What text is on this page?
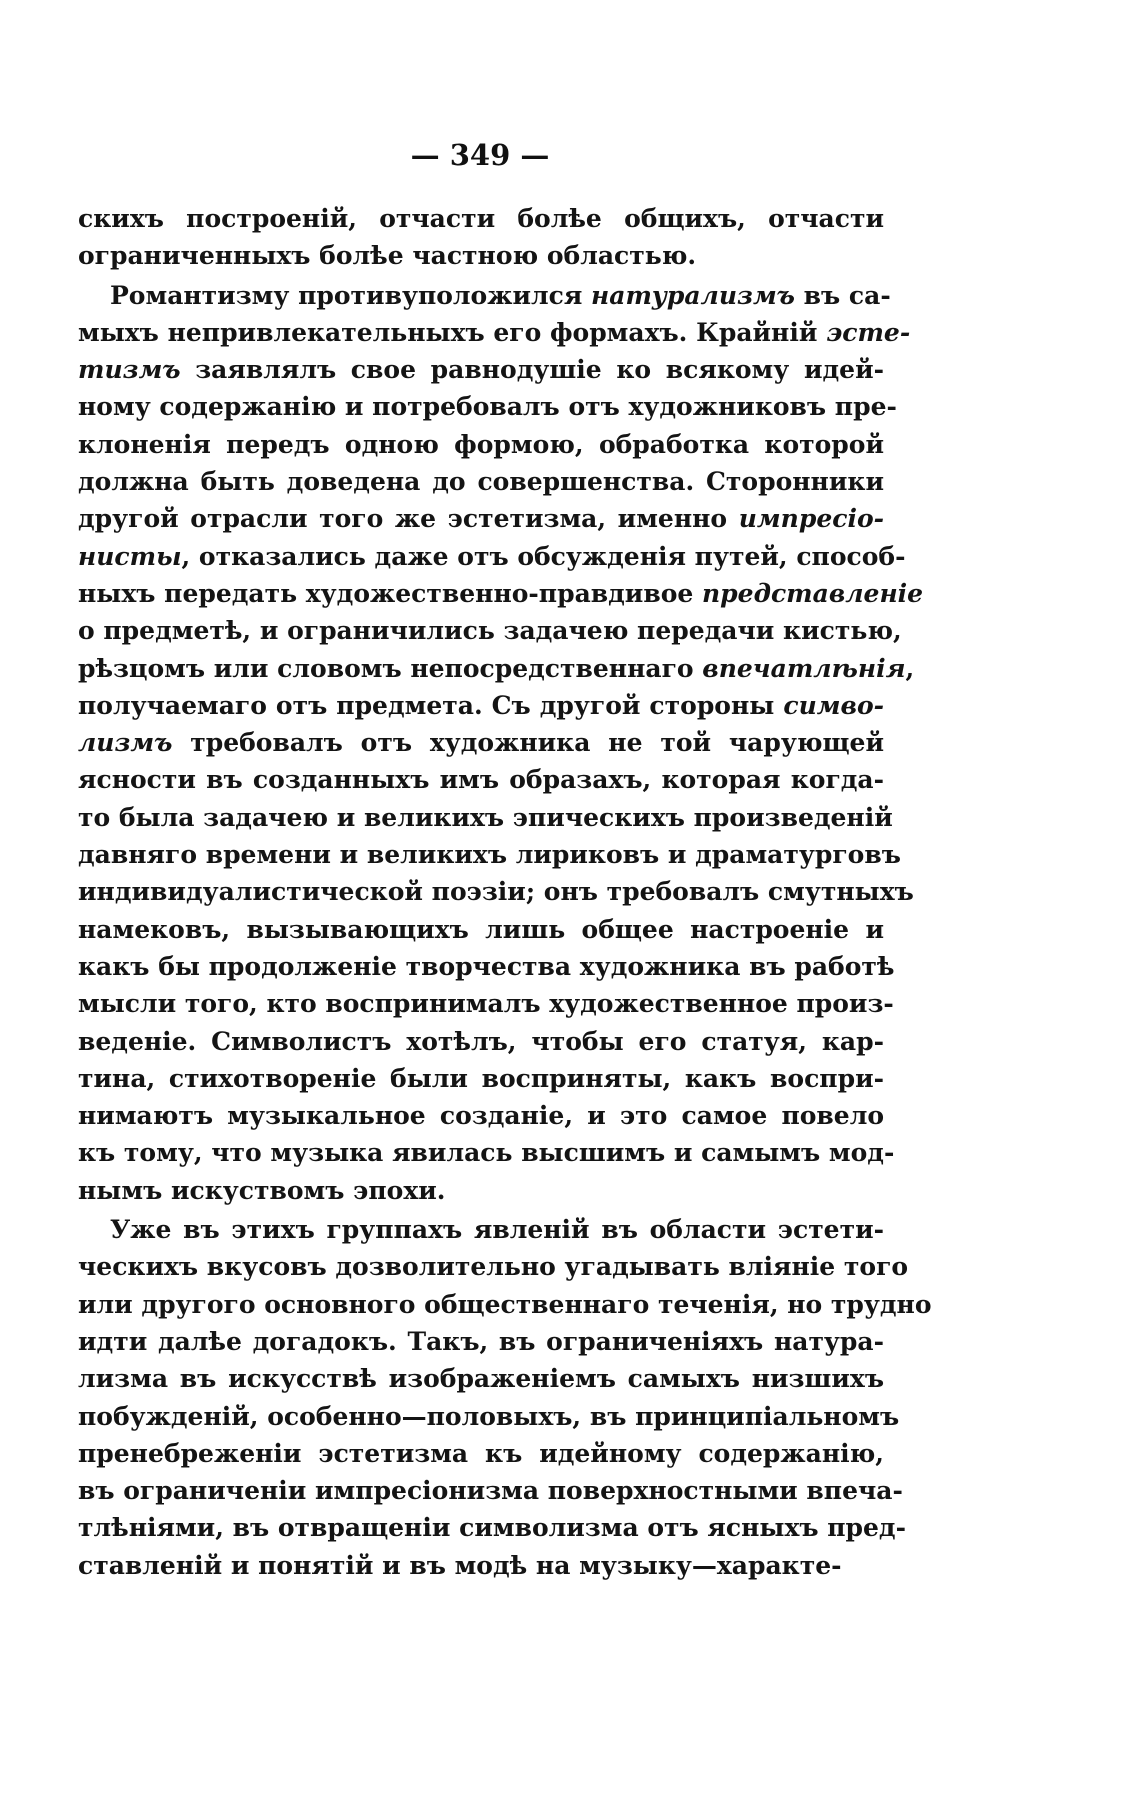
— 349 —
скихъ построеній, отчасти болѣе общихъ, отчасти
ограниченныхъ болѣе частною областью.
Романтизму противуположился натурализмъ въ са-
мыхъ непривлекательныхъ его формахъ. Крайній эсте-
тизмъ заявлялъ свое равнодушіе ко всякому идей-
ному содержанію и потребовалъ отъ художниковъ пре-
клоненія передъ одною формою, обработка которой
должна быть доведена до совершенства. Сторонники
другой отрасли того же эстетизма, именно импресіо-
нисты, отказались даже отъ обсужденія путей, способ-
ныхъ передать художественно-правдивое представленіе
о предметѣ, и ограничились задачею передачи кистью,
рѣзцомъ или словомъ непосредственнаго впечатлѣнія,
получаемаго отъ предмета. Съ другой стороны симво-
лизмъ требовалъ отъ художника не той чарующей
ясности въ созданныхъ имъ образахъ, которая когда-
то была задачею и великихъ эпическихъ произведеній
давняго времени и великихъ лириковъ и драматурговъ
индивидуалистической поэзіи; онъ требовалъ смутныхъ
намековъ, вызывающихъ лишь общее настроеніе и
какъ бы продолженіе творчества художника въ работѣ
мысли того, кто воспринималъ художественное произ-
веденіе. Символистъ хотѣлъ, чтобы его статуя, кар-
тина, стихотвореніе были восприняты, какъ воспри-
нимаютъ музыкальное созданіе, и это самое повело
къ тому, что музыка явилась высшимъ и самымъ мод-
нымъ искуствомъ эпохи.
Уже въ этихъ группахъ явленій въ области эстети-
ческихъ вкусовъ дозволительно угадывать вліяніе того
или другого основного общественнаго теченія, но трудно
идти далѣе догадокъ. Такъ, въ ограниченіяхъ натура-
лизма въ искусствѣ изображеніемъ самыхъ низшихъ
побужденій, особенно—половыхъ, въ принципіальномъ
пренебреженіи эстетизма къ идейному содержанію,
въ ограниченіи импресіонизма поверхностными впеча-
тлѣніями, въ отвращеніи символизма отъ ясныхъ пред-
ставленій и понятій и въ модѣ на музыку—характе-
